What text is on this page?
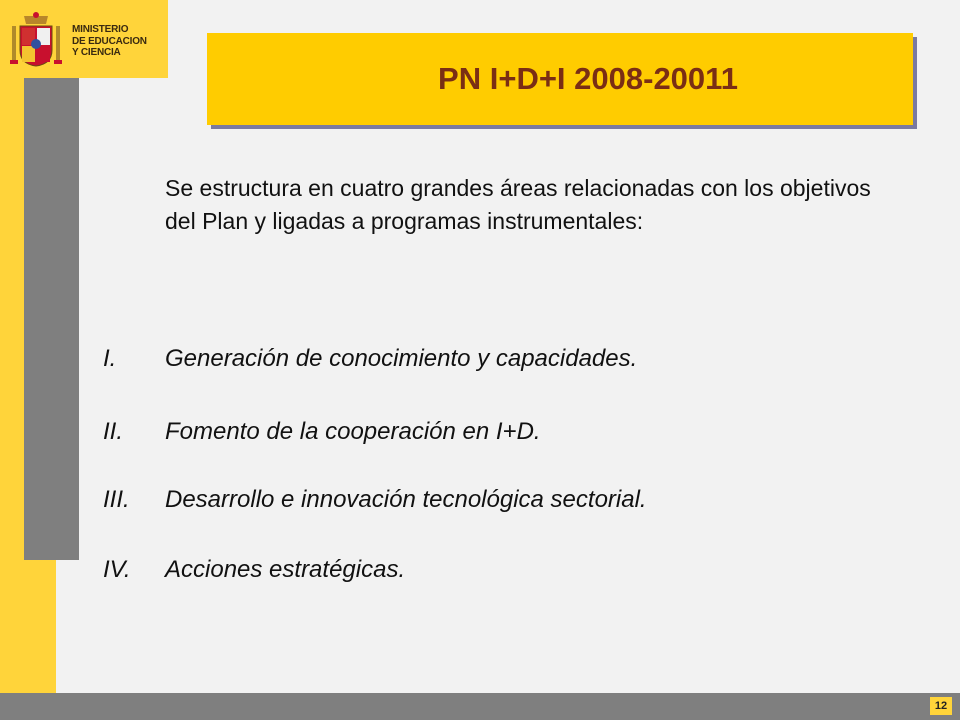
MINISTERIO
DE EDUCACION
Y CIENCIA
PN I+D+I 2008-20011
Se estructura en cuatro grandes áreas relacionadas con los objetivos del Plan y ligadas a programas instrumentales:
I. Generación de conocimiento y capacidades.
II. Fomento de la cooperación en I+D.
III. Desarrollo e innovación tecnológica sectorial.
IV. Acciones estratégicas.
12
